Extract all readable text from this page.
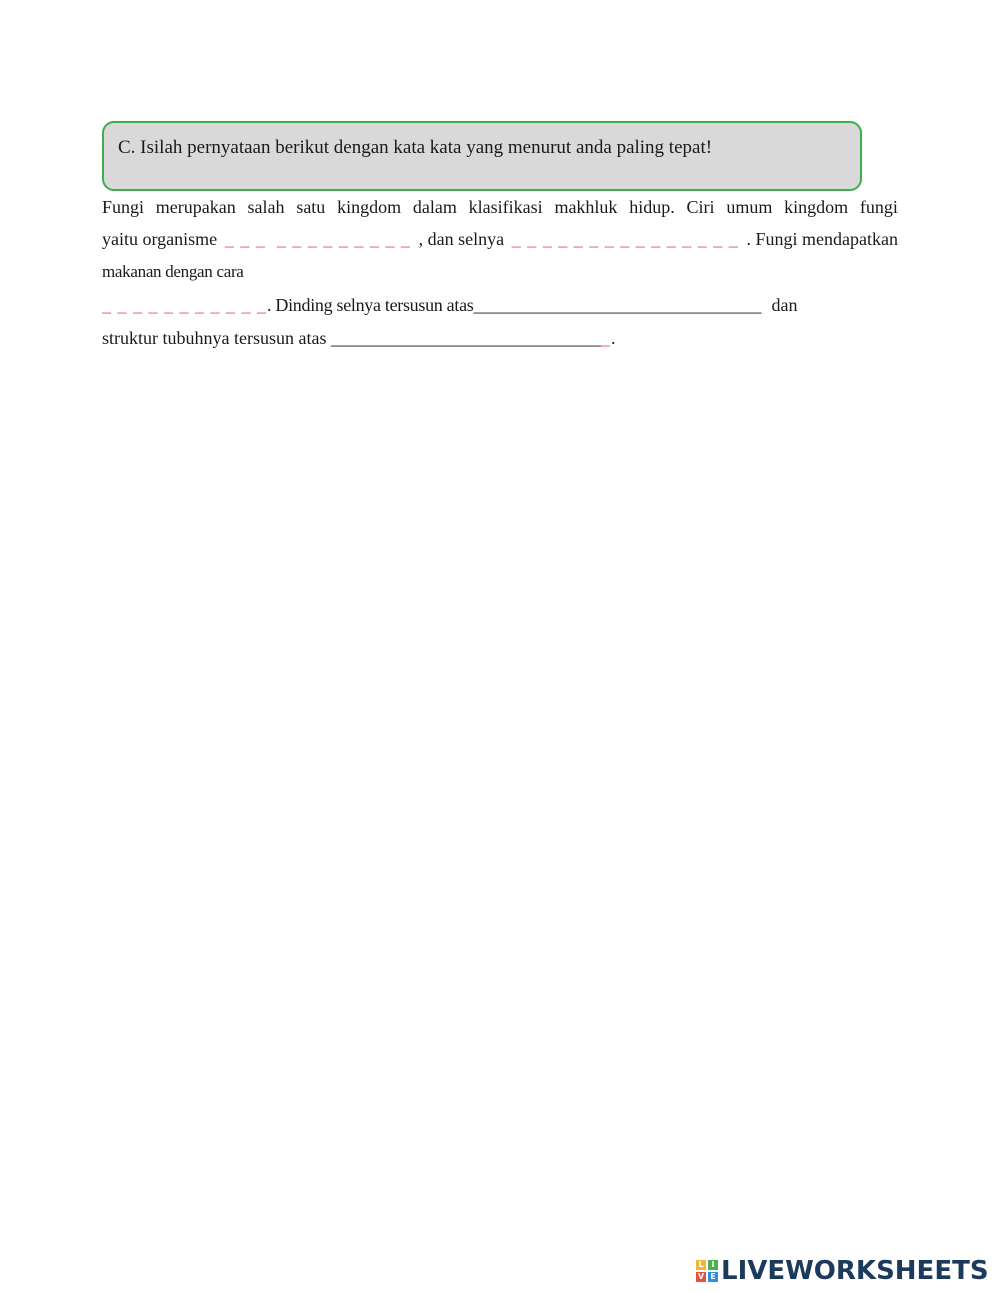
C. Isilah pernyataan berikut dengan kata kata yang menurut anda paling tepat!
Fungi merupakan salah satu kingdom dalam klasifikasi makhluk hidup. Ciri umum kingdom fungi
yaitu organisme _ _ _  _ _ _ _ _ _ _ _ _ , dan selnya _ _ _ _ _ _ _ _ _ _ _ _ _ _ _ . Fungi mendapatkan
makanan dengan cara
_ _ _ _ _ _ _ _ _ _ _. Dinding selnya tersusun atas________________________________ dan
struktur tubuhnya tersusun atas _______________________________.
L I
V E LIVEWORKSHEETS
